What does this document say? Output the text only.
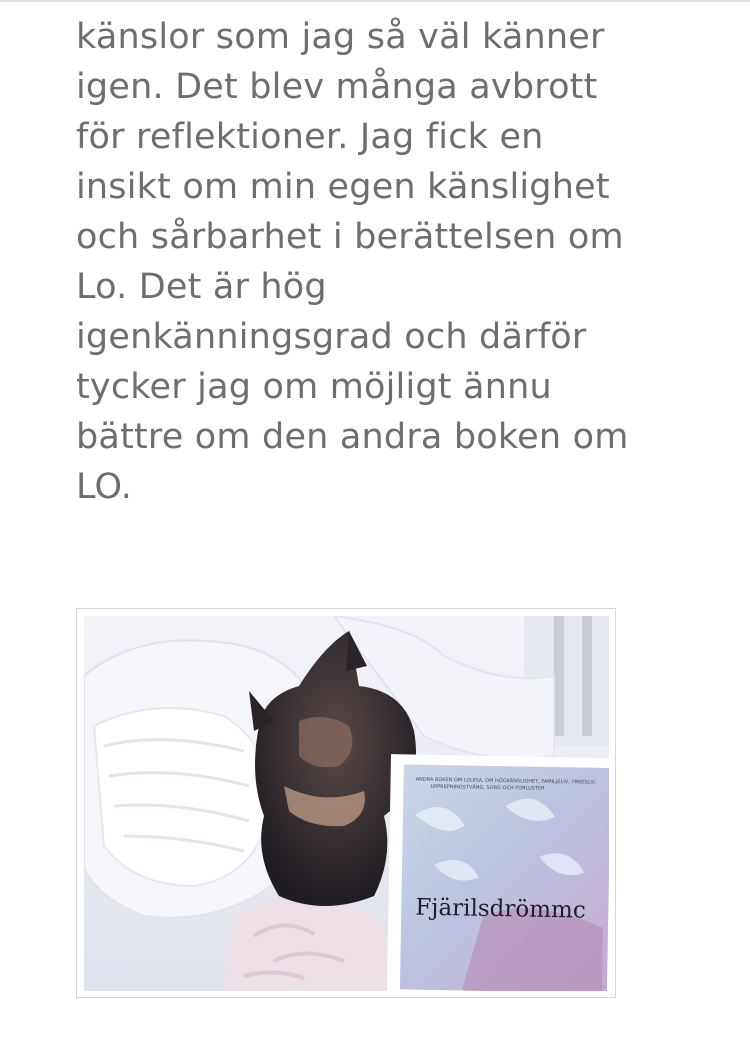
känslor som jag så väl känner
igen. Det blev många avbrott
för reflektioner. Jag fick en
insikt om min egen känslighet
och sårbarhet i berättelsen om
Lo. Det är hög
igenkänningsgrad och därför
tycker jag om möjligt ännu
bättre om den andra boken om
LO.

ANDRA BOKEN OM LOUISA. OM HÖGKÄNSLIGHET, FAMILJELIV, YRKESLIV,
UPPREPNINGSTVÅNG, SORG OCH FORLUSTER
Fjärilsdrömmc
